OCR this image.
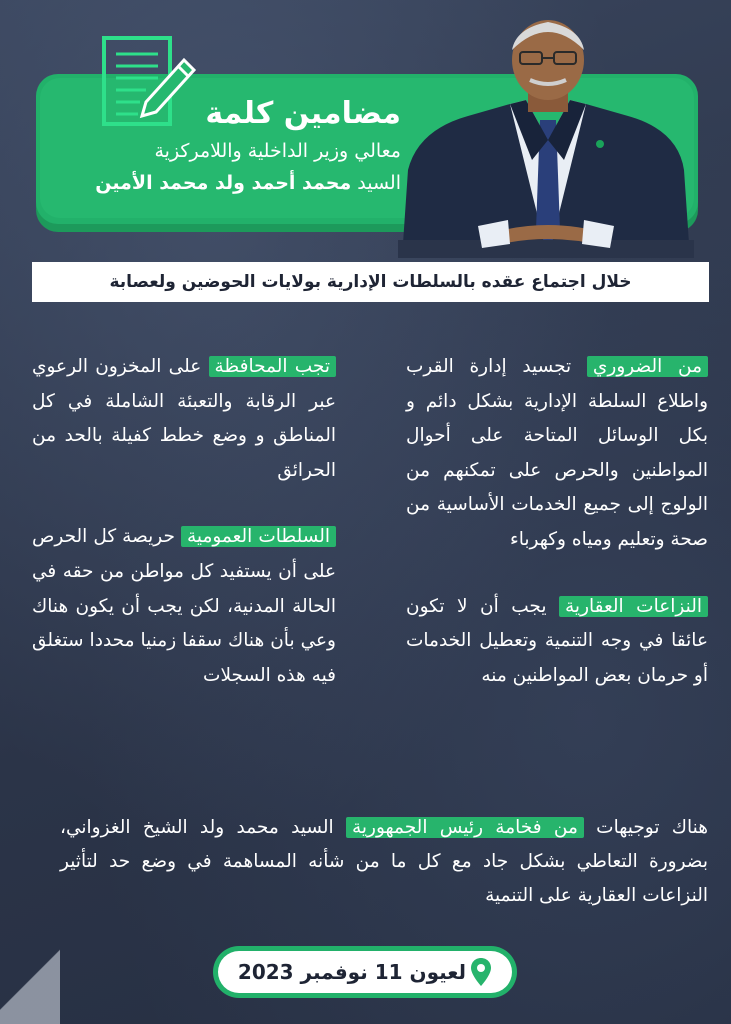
مضامين كلمة
معالي وزير الداخلية واللامركزية
السيد محمد أحمد ولد محمد الأمين
خلال اجتماع عقده بالسلطات الإدارية بولايات الحوضين ولعصابة

من الضروري تجسيد إدارة القرب واطلاع السلطة الإدارية بشكل دائم و بكل الوسائل المتاحة على أحوال المواطنين والحرص على تمكنهم من الولوج إلى جميع الخدمات الأساسية من صحة وتعليم ومياه وكهرباء

النزاعات العقارية يجب أن لا تكون عائقا في وجه التنمية وتعطيل الخدمات أو حرمان بعض المواطنين منه

تجب المحافظة على المخزون الرعوي عبر الرقابة والتعبئة الشاملة في كل المناطق و وضع خطط كفيلة بالحد من الحرائق

السلطات العمومية حريصة كل الحرص على أن يستفيد كل مواطن من حقه في الحالة المدنية، لكن يجب أن يكون هناك وعي بأن هناك سقفا زمنيا محددا ستغلق فيه هذه السجلات

هناك توجيهات من فخامة رئيس الجمهورية السيد محمد ولد الشيخ الغزواني، بضرورة التعاطي بشكل جاد مع كل ما من شأنه المساهمة في وضع حد لتأثير النزاعات العقارية على التنمية

لعيون 11 نوفمبر 2023
